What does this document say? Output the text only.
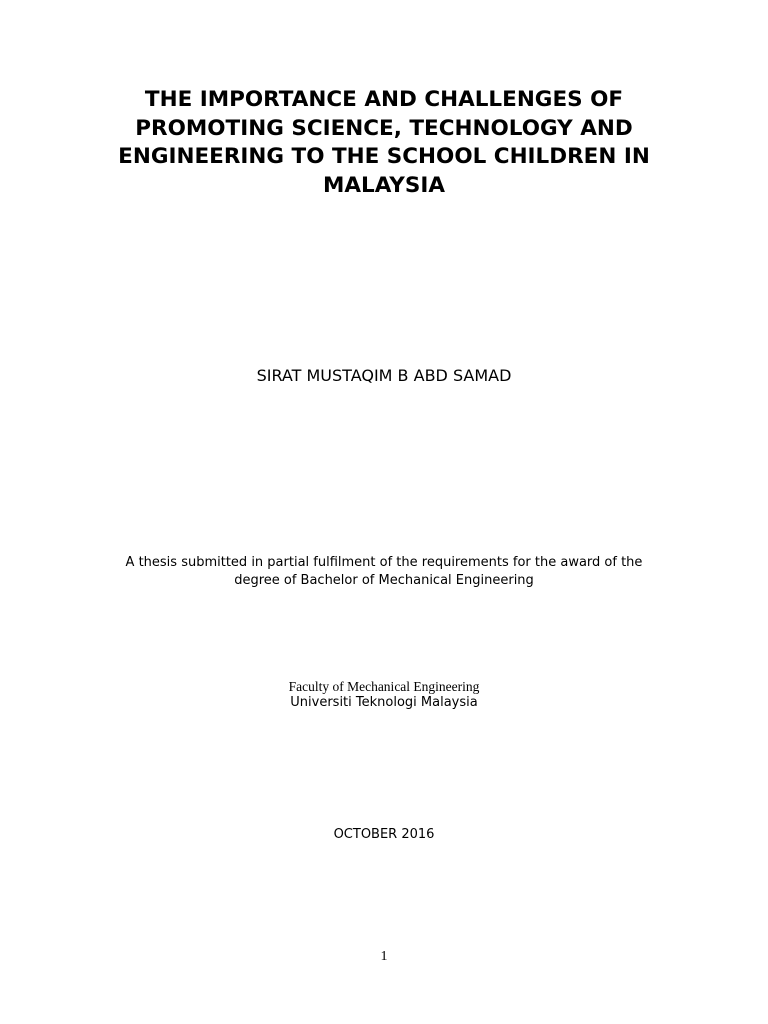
THE IMPORTANCE AND CHALLENGES OF
PROMOTING SCIENCE, TECHNOLOGY AND
ENGINEERING TO THE SCHOOL CHILDREN IN
MALAYSIA
SIRAT MUSTAQIM B ABD SAMAD
A thesis submitted in partial fulfilment of the requirements for the award of the
degree of Bachelor of Mechanical Engineering
Faculty of Mechanical Engineering
Universiti Teknologi Malaysia
OCTOBER 2016
1
